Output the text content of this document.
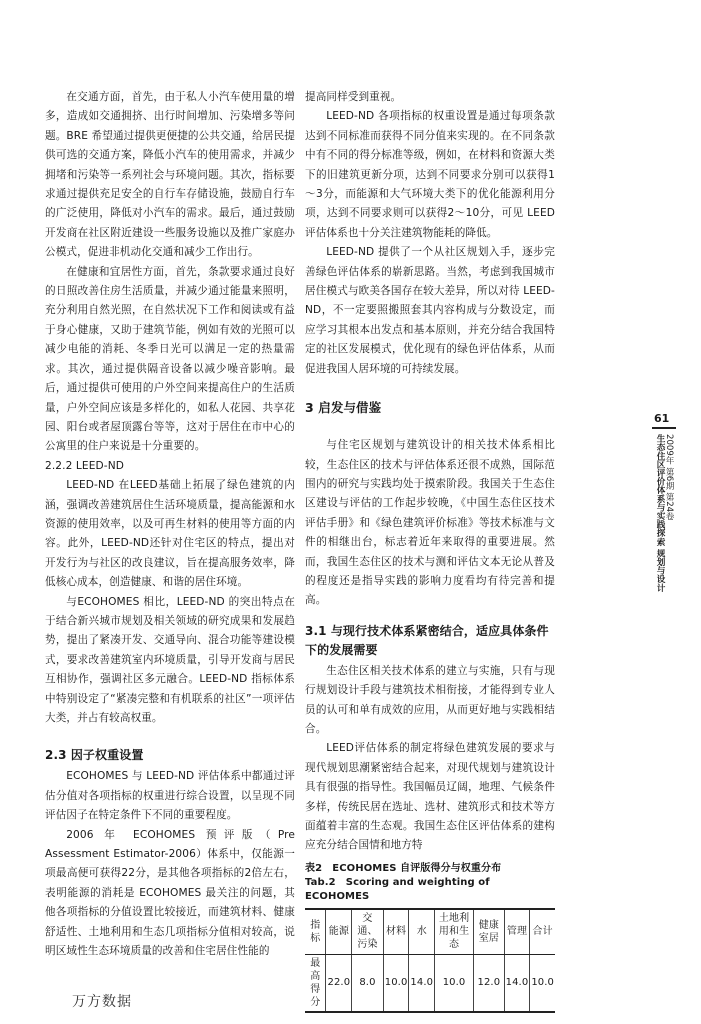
在交通方面，首先，由于私人小汽车使用量的增多，造成如交通拥挤、出行时间增加、污染增多等问题。BRE 希望通过提供更便捷的公共交通，给居民提供可选的交通方案，降低小汽车的使用需求，并减少拥堵和污染等一系列社会与环境问题。其次，指标要求通过提供充足安全的自行车存储设施，鼓励自行车的广泛使用，降低对小汽车的需求。最后，通过鼓励开发商在社区附近建设一些服务设施以及推广家庭办公模式，促进非机动化交通和减少工作出行。

在健康和宜居性方面，首先，条款要求通过良好的日照改善住房生活质量，并减少通过能量来照明，充分利用自然光照，在自然状况下工作和阅读或有益于身心健康，又助于建筑节能，例如有效的光照可以减少电能的消耗、冬季日光可以满足一定的热量需求。其次，通过提供隔音设备以减少噪音影响。最后，通过提供可使用的户外空间来提高住户的生活质量，户外空间应该是多样化的，如私人花园、共享花园、阳台或者屋顶露台等等，这对于居住在市中心的公寓里的住户来说是十分重要的。

2.2.2 LEED-ND

LEED-ND 在LEED基础上拓展了绿色建筑的内涵，强调改善建筑居住生活环境质量，提高能源和水资源的使用效率，以及可再生材料的使用等方面的内容。此外，LEED-ND还针对住宅区的特点，提出对开发行为与社区的改良建议，旨在提高服务效率，降低核心成本，创造健康、和谐的居住环境。

与ECOHOMES 相比，LEED-ND 的突出特点在于结合新兴城市规划及相关领域的研究成果和发展趋势，提出了紧凑开发、交通导向、混合功能等建设模式，要求改善建筑室内环境质量，引导开发商与居民互相协作，强调社区多元融合。LEED-ND 指标体系中特别设定了“紧凑完整和有机联系的社区”一项评估大类，并占有较高权重。

2.3 因子权重设置

ECOHOMES 与 LEED-ND 评估体系中都通过评估分值对各项指标的权重进行综合设置，以呈现不同评估因子在特定条件下不同的重要程度。

2006 年 ECOHOMES 预评版（Pre Assessment Estimator-2006）体系中，仅能源一项最高便可获得22分，是其他各项指标的2倍左右，表明能源的消耗是 ECOHOMES 最关注的问题，其他各项指标的分值设置比较接近，而建筑材料、健康舒适性、土地利用和生态几项指标分值相对较高，说明区域性生态环境质量的改善和住宅居住性能的

提高同样受到重视。

LEED-ND 各项指标的权重设置是通过每项条款达到不同标准而获得不同分值来实现的。在不同条款中有不同的得分标准等级，例如，在材料和资源大类下的旧建筑更新分项，达到不同要求分别可以获得1～3分，而能源和大气环境大类下的优化能源利用分项，达到不同要求则可以获得2～10分，可见 LEED 评估体系也十分关注建筑物能耗的降低。

LEED-ND 提供了一个从社区规划入手，逐步完善绿色评估体系的崭新思路。当然，考虑到我国城市居住模式与欧美各国存在较大差异，所以对待 LEED-ND，不一定要照搬照套其内容构成与分数设定，而应学习其根本出发点和基本原则，并充分结合我国特定的社区发展模式，优化现有的绿色评估体系，从而促进我国人居环境的可持续发展。

3 启发与借鉴

与住宅区规划与建筑设计的相关技术体系相比较，生态住区的技术与评估体系还很不成熟，国际范围内的研究与实践均处于摸索阶段。我国关于生态住区建设与评估的工作起步较晚，《中国生态住区技术评估手册》和《绿色建筑评价标准》等技术标准与文件的相继出台，标志着近年来取得的重要进展。然而，我国生态住区的技术与测和评估文本无论从普及的程度还是指导实践的影响力度看均有待完善和提高。

3.1 与现行技术体系紧密结合，适应具体条件下的发展需要

生态住区相关技术体系的建立与实施，只有与现行规划设计手段与建筑技术相衔接，才能得到专业人员的认可和单有成效的应用，从而更好地与实践相结合。

LEED评估体系的制定将绿色建筑发展的要求与现代规划思潮紧密结合起来，对现代规划与建筑设计具有很强的指导性。我国幅员辽阔，地理、气候条件多样，传统民居在选址、选材、建筑形式和技术等方面蕴着丰富的生态观。我国生态住区评估体系的建构应充分结合国情和地方特

表2　ECOHOMES 自评版得分与权重分布
Tab.2　Scoring and weighting of ECOHOMES
指标	能源	交通、污染	材料	水	土地利用和生态	健康室居	管理	合计
最高得分	22.0	8.0	10.0	14.0	10.0	12.0	14.0	10.0
61
2009年 第6期 第24卷
生态住区评价体系与实践探索 规划与设计
万方数据
